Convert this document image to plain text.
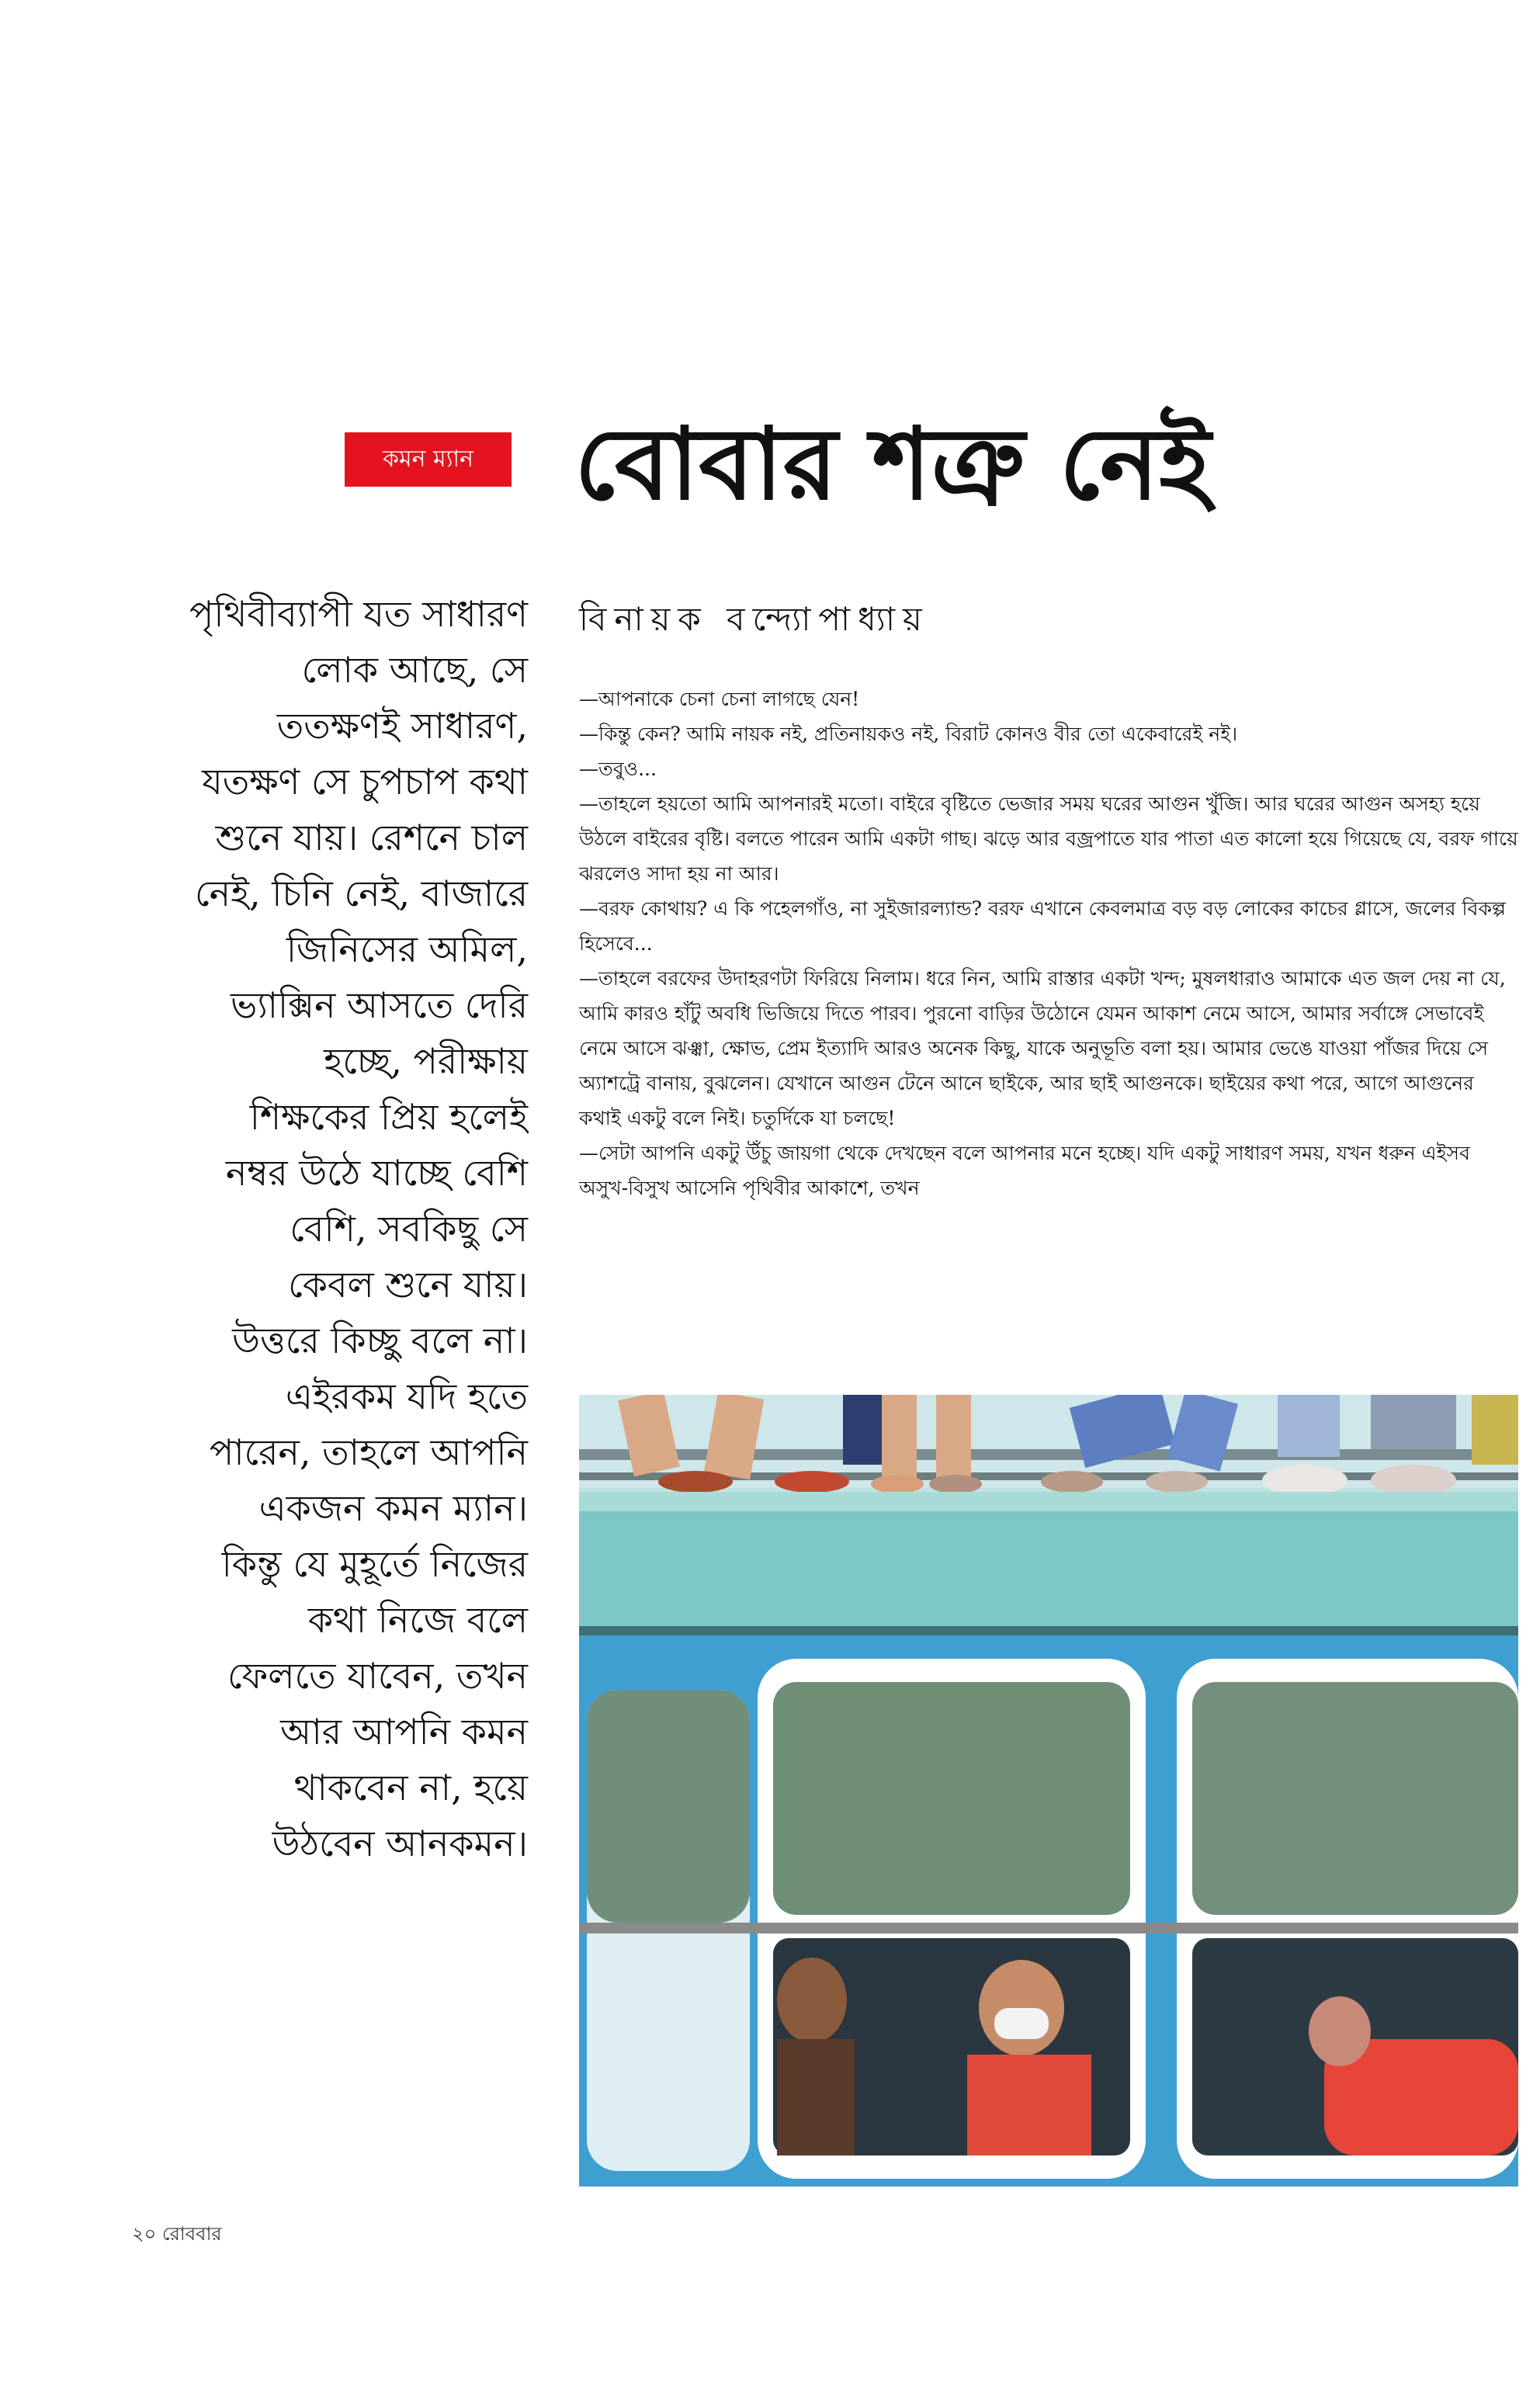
কমন ম্যান	বোবার শত্রু নেই
পৃথিবীব্যাপী যত সাধারণ
লোক আছে, সে
ততক্ষণই সাধারণ,
যতক্ষণ সে চুপচাপ কথা
শুনে যায়। রেশনে চাল
নেই, চিনি নেই, বাজারে
জিনিসের অমিল,
ভ্যাক্সিন আসতে দেরি
হচ্ছে, পরীক্ষায়
শিক্ষকের প্রিয় হলেই
নম্বর উঠে যাচ্ছে বেশি
বেশি, সবকিছু সে
কেবল শুনে যায়।
উত্তরে কিচ্ছু বলে না।
এইরকম যদি হতে
পারেন, তাহলে আপনি
একজন কমন ম্যান।
কিন্তু যে মুহূর্তে নিজের
কথা নিজে বলে
ফেলতে যাবেন, তখন
আর আপনি কমন
থাকবেন না, হয়ে
উঠবেন আনকমন।
বিনায়ক বন্দ্যোপাধ্যায়

—আপনাকে চেনা চেনা লাগছে যেন!

—কিন্তু কেন? আমি নায়ক নই, প্রতিনায়কও নই, বিরাট কোনও বীর তো একেবারেই নই।

—তবুও...

—তাহলে হয়তো আমি আপনারই মতো। বাইরে বৃষ্টিতে ভেজার সময় ঘরের আগুন খুঁজি। আর ঘরের আগুন অসহ্য হয়ে উঠলে বাইরের বৃষ্টি। বলতে পারেন আমি একটা গাছ। ঝড়ে আর বজ্রপাতে যার পাতা এত কালো হয়ে গিয়েছে যে, বরফ গায়ে ঝরলেও সাদা হয় না আর।

—বরফ কোথায়? এ কি পহেলগাঁও, না সুইজারল্যান্ড? বরফ এখানে কেবলমাত্র বড় বড় লোকের কাচের গ্লাসে, জলের বিকল্প হিসেবে...

—তাহলে বরফের উদাহরণটা ফিরিয়ে নিলাম। ধরে নিন, আমি রাস্তার একটা খন্দ; মুষলধারাও আমাকে এত জল দেয় না যে, আমি কারও হাঁটু অবধি ভিজিয়ে দিতে পারব। পুরনো বাড়ির উঠোনে যেমন আকাশ নেমে আসে, আমার সর্বাঙ্গে সেভাবেই নেমে আসে ঝঞ্ঝা, ক্ষোভ, প্রেম ইত্যাদি আরও অনেক কিছু, যাকে অনুভূতি বলা হয়। আমার ভেঙে যাওয়া পাঁজর দিয়ে সে অ্যাশট্রে বানায়, বুঝলেন। যেখানে আগুন টেনে আনে ছাইকে, আর ছাই আগুনকে। ছাইয়ের কথা পরে, আগে আগুনের কথাই একটু বলে নিই। চতুর্দিকে যা চলছে!

—সেটা আপনি একটু উঁচু জায়গা থেকে দেখছেন বলে আপনার মনে হচ্ছে। যদি একটু সাধারণ সময়, যখন ধরুন এইসব অসুখ-বিসুখ আসেনি পৃথিবীর আকাশে, তখন

২০ রোববার
